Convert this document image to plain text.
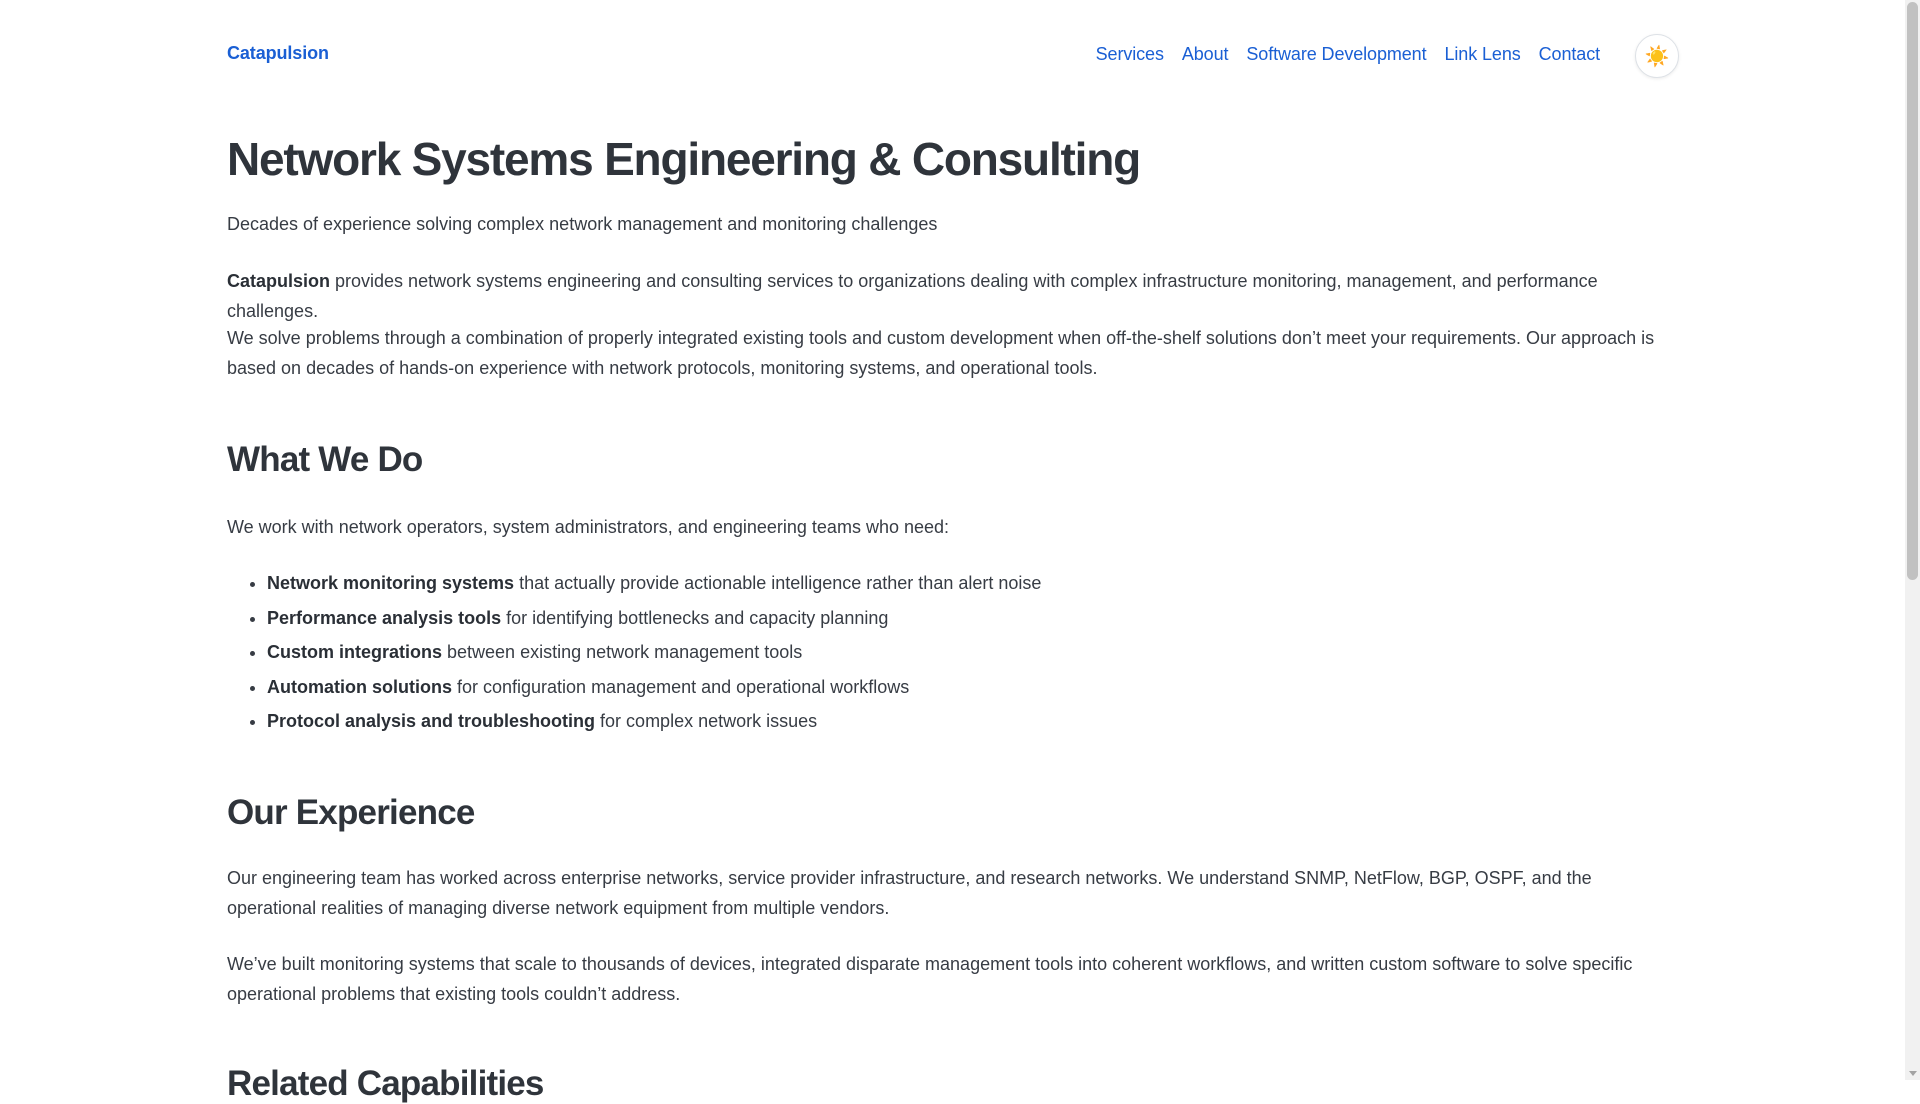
Catapulsion	Services About Software Development Link Lens Contact ☀️
Network Systems Engineering & Consulting

Decades of experience solving complex network management and monitoring challenges

Catapulsion provides network systems engineering and consulting services to organizations dealing with complex infrastructure monitoring, management, and performance challenges.

We solve problems through a combination of properly integrated existing tools and custom development when off-the-shelf solutions don’t meet your requirements. Our approach is based on decades of hands-on experience with network protocols, monitoring systems, and operational tools.

What We Do

We work with network operators, system administrators, and engineering teams who need:

• Network monitoring systems that actually provide actionable intelligence rather than alert noise
• Performance analysis tools for identifying bottlenecks and capacity planning
• Custom integrations between existing network management tools
• Automation solutions for configuration management and operational workflows
• Protocol analysis and troubleshooting for complex network issues
Our Experience

Our engineering team has worked across enterprise networks, service provider infrastructure, and research networks. We understand SNMP, NetFlow, BGP, OSPF, and the operational realities of managing diverse network equipment from multiple vendors.

We’ve built monitoring systems that scale to thousands of devices, integrated disparate management tools into coherent workflows, and written custom software to solve specific operational problems that existing tools couldn’t address.

Related Capabilities
